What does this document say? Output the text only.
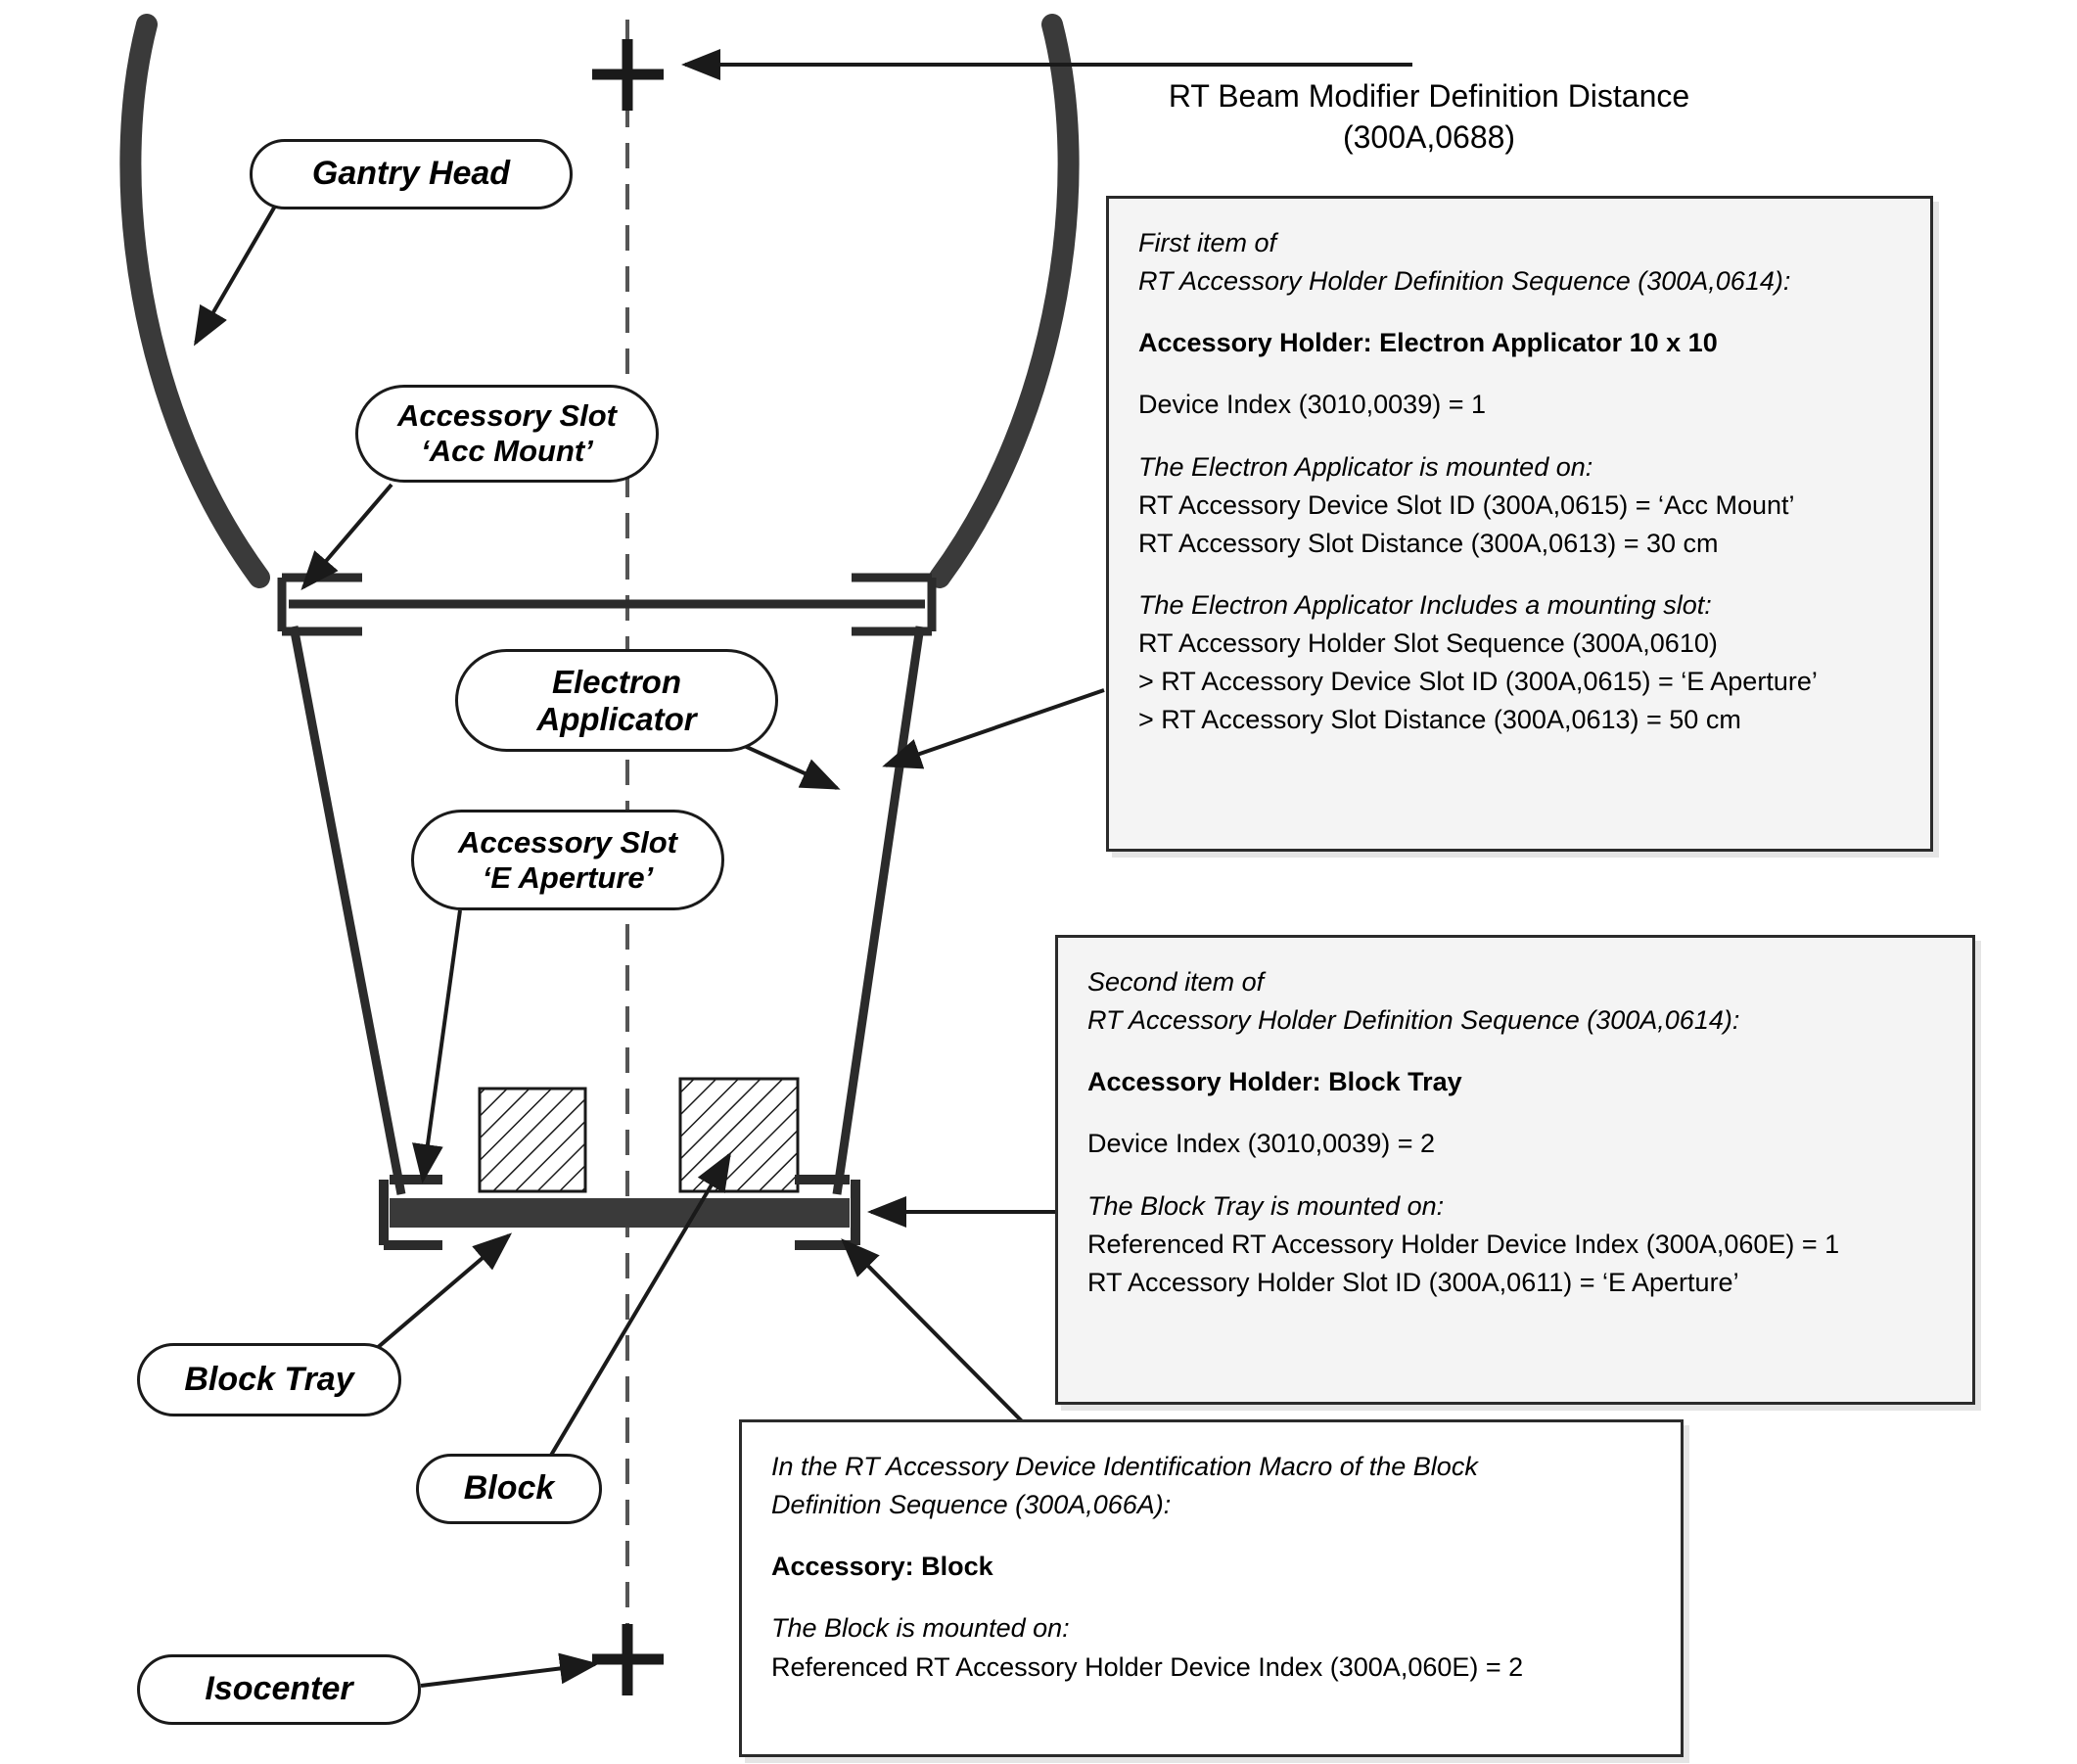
RT Beam Modifier Definition Distance
(300A,0688)
Gantry Head
Accessory Slot
‘Acc Mount’
Electron
Applicator
Accessory Slot
‘E Aperture’
Block Tray
Block
Isocenter
First item of
RT Accessory Holder Definition Sequence (300A,0614):
Accessory Holder: Electron Applicator 10 x 10
Device Index (3010,0039) = 1
The Electron Applicator is mounted on:
RT Accessory Device Slot ID (300A,0615) = ‘Acc Mount’
RT Accessory Slot Distance (300A,0613) = 30 cm
The Electron Applicator Includes a mounting slot:
RT Accessory Holder Slot Sequence (300A,0610)
> RT Accessory Device Slot ID (300A,0615) = ‘E Aperture’
> RT Accessory Slot Distance (300A,0613) = 50 cm
Second item of
RT Accessory Holder Definition Sequence (300A,0614):
Accessory Holder: Block Tray
Device Index (3010,0039) = 2
The Block Tray is mounted on:
Referenced RT Accessory Holder Device Index (300A,060E) = 1
RT Accessory Holder Slot ID (300A,0611) = ‘E Aperture’
In the RT Accessory Device Identification Macro of the Block
Definition Sequence (300A,066A):
Accessory: Block
The Block is mounted on:
Referenced RT Accessory Holder Device Index (300A,060E) = 2
